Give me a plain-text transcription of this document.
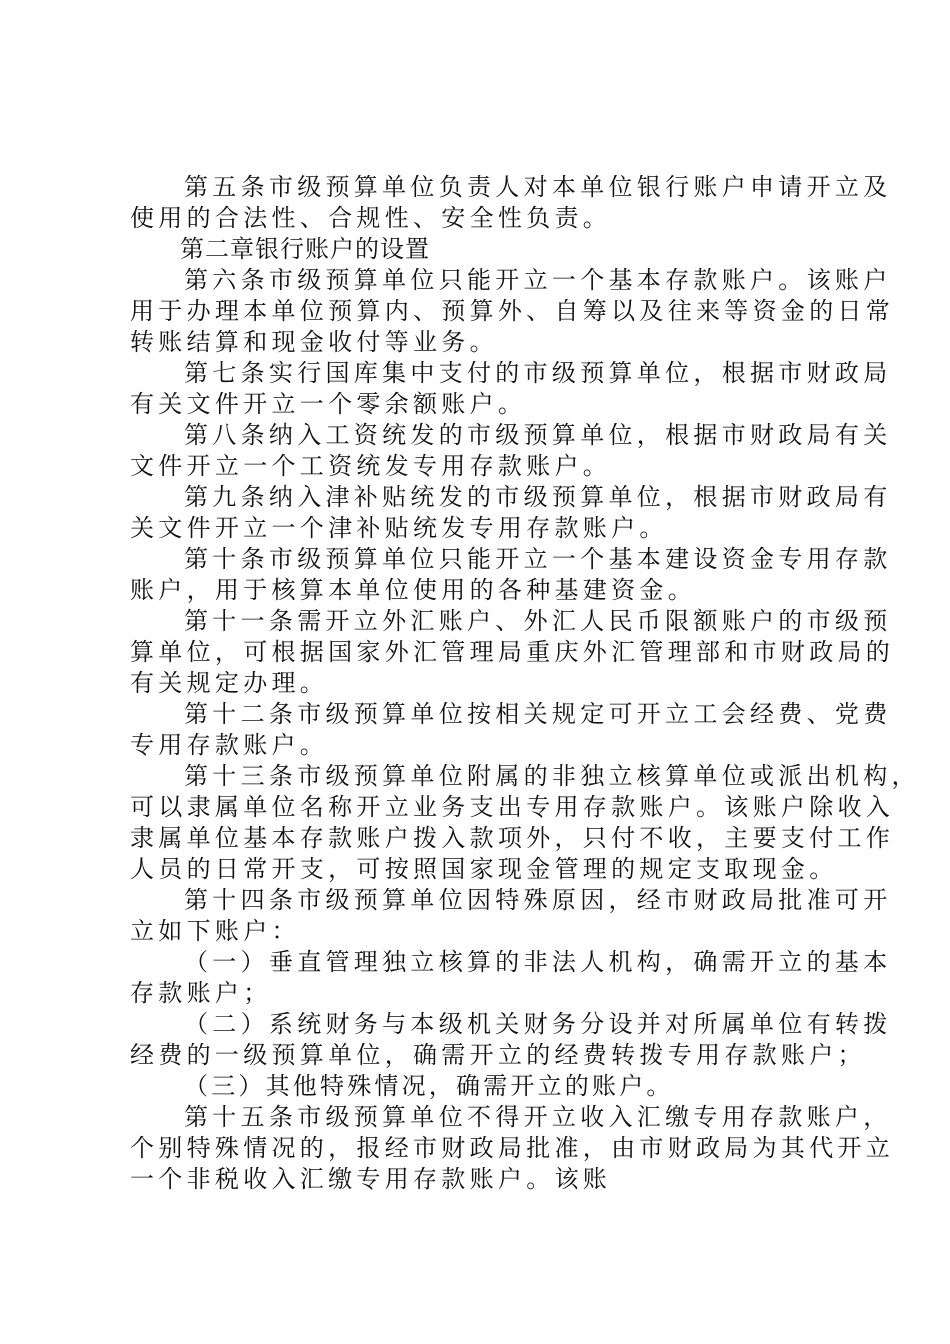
第五条市级预算单位负责人对本单位银行账户申请开立及
使用的合法性、合规性、安全性负责。
第二章银行账户的设置
第六条市级预算单位只能开立一个基本存款账户。该账户
用于办理本单位预算内、预算外、自筹以及往来等资金的日常
转账结算和现金收付等业务。
第七条实行国库集中支付的市级预算单位，根据市财政局
有关文件开立一个零余额账户。
第八条纳入工资统发的市级预算单位，根据市财政局有关
文件开立一个工资统发专用存款账户。
第九条纳入津补贴统发的市级预算单位，根据市财政局有
关文件开立一个津补贴统发专用存款账户。
第十条市级预算单位只能开立一个基本建设资金专用存款
账户，用于核算本单位使用的各种基建资金。
第十一条需开立外汇账户、外汇人民币限额账户的市级预
算单位，可根据国家外汇管理局重庆外汇管理部和市财政局的
有关规定办理。
第十二条市级预算单位按相关规定可开立工会经费、党费
专用存款账户。
第十三条市级预算单位附属的非独立核算单位或派出机构，
可以隶属单位名称开立业务支出专用存款账户。该账户除收入
隶属单位基本存款账户拨入款项外，只付不收，主要支付工作
人员的日常开支，可按照国家现金管理的规定支取现金。
第十四条市级预算单位因特殊原因，经市财政局批准可开
立如下账户：
（一）垂直管理独立核算的非法人机构，确需开立的基本
存款账户；
（二）系统财务与本级机关财务分设并对所属单位有转拨
经费的一级预算单位，确需开立的经费转拨专用存款账户；
（三）其他特殊情况，确需开立的账户。
第十五条市级预算单位不得开立收入汇缴专用存款账户，
个别特殊情况的，报经市财政局批准，由市财政局为其代开立
一个非税收入汇缴专用存款账户。该账
